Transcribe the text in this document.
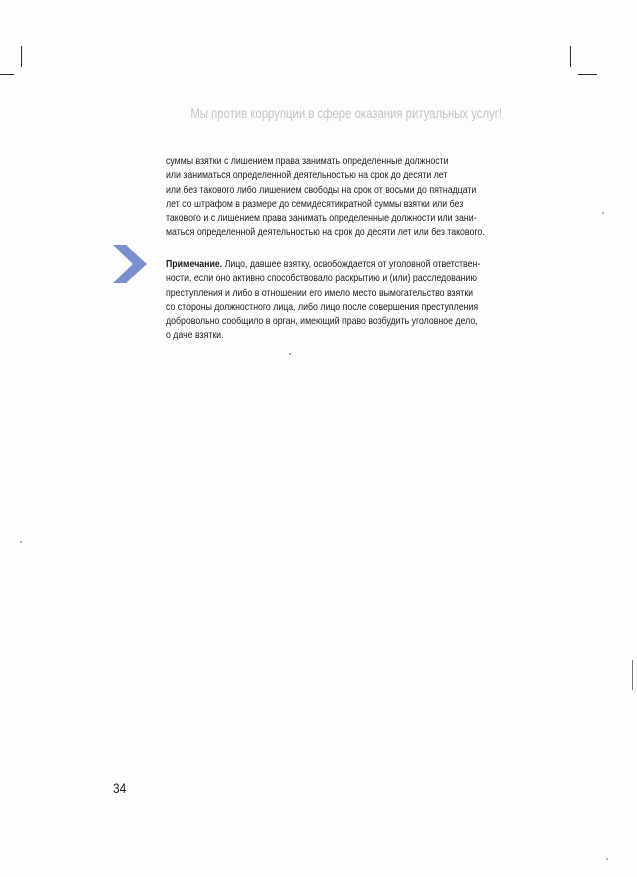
Мы против коррупции в сфере оказания ритуальных услуг!
суммы взятки с лишением права занимать определенные должности
или заниматься определенной деятельностью на срок до десяти лет
или без такового либо лишением свободы на срок от восьми до пятнадцати
лет со штрафом в размере до семидесятикратной суммы взятки или без
такового и с лишением права занимать определенные должности или зани-
маться определенной деятельностью на срок до десяти лет или без такового.
Примечание. Лицо, давшее взятку, освобождается от уголовной ответствен-
ности, если оно активно способствовало раскрытию и (или) расследованию
преступления и либо в отношении его имело место вымогательство взятки
со стороны должностного лица, либо лицо после совершения преступления
добровольно сообщило в орган, имеющий право возбудить уголовное дело,
о даче взятки.
34
